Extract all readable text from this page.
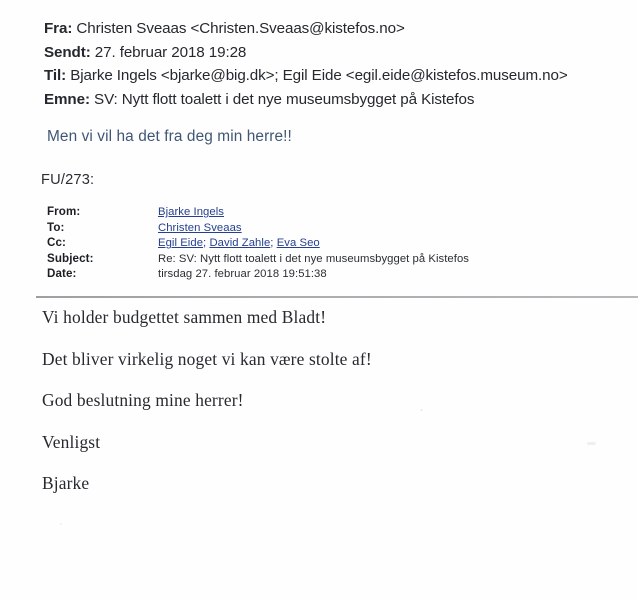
Fra: Christen Sveaas <Christen.Sveaas@kistefos.no>
Sendt: 27. februar 2018 19:28
Til: Bjarke Ingels <bjarke@big.dk>; Egil Eide <egil.eide@kistefos.museum.no>
Emne: SV: Nytt flott toalett i det nye museumsbygget på Kistefos
Men vi vil ha det fra deg min herre!!
FU/273:
From:	Bjarke Ingels
To:	Christen Sveaas
Cc:	Egil Eide; David Zahle; Eva Seo
Subject:	Re: SV: Nytt flott toalett i det nye museumsbygget på Kistefos
Date:	tirsdag 27. februar 2018 19:51:38

Vi holder budgettet sammen med Bladt!

Det bliver virkelig noget vi kan være stolte af!

God beslutning mine herrer!

Venligst

Bjarke
